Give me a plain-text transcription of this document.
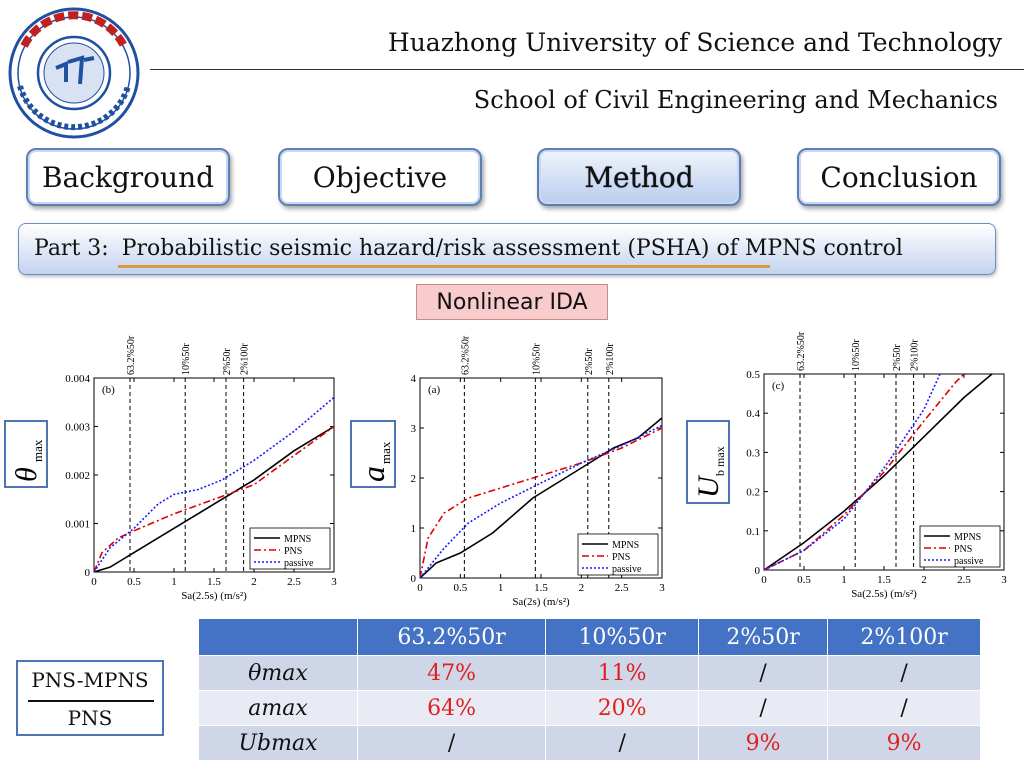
Huazhong University of Science and Technology
School of Civil Engineering and Mechanics
Background	Objective	Method	Conclusion
Part 3: Probabilistic seismic hazard/risk assessment (PSHA) of MPNS control
Nonlinear IDA
θ
max
a
max
U
b max
0	0.5	1	1.5	2	2.5	3
0
0.001
0.002
0.003
0.004
(b)
63.2%50r	10%50r	2%50r 2%100r
MPNS
PNS
passive
Sa(2.5s) (m/s²)
0	0.5	1	1.5	2	2.5	3
0
1
2
3
4
(a)
63.2%50r	10%50r	2%50r 2%100r
MPNS
PNS
passive
Sa(2s) (m/s²)
0	0.5	1	1.5	2	2.5	3
0
0.1
0.2
0.3
0.4
0.5
(c)
63.2%50r	10%50r	2%50r 2%100r
MPNS
PNS
passive
Sa(2.5s) (m/s²)
	63.2%50r	10%50r	2%50r	2%100r
θmax	47%	11%	/	/
amax	64%	20%	/	/
Ubmax	/	/	9%	9%
PNS-MPNS
PNS
